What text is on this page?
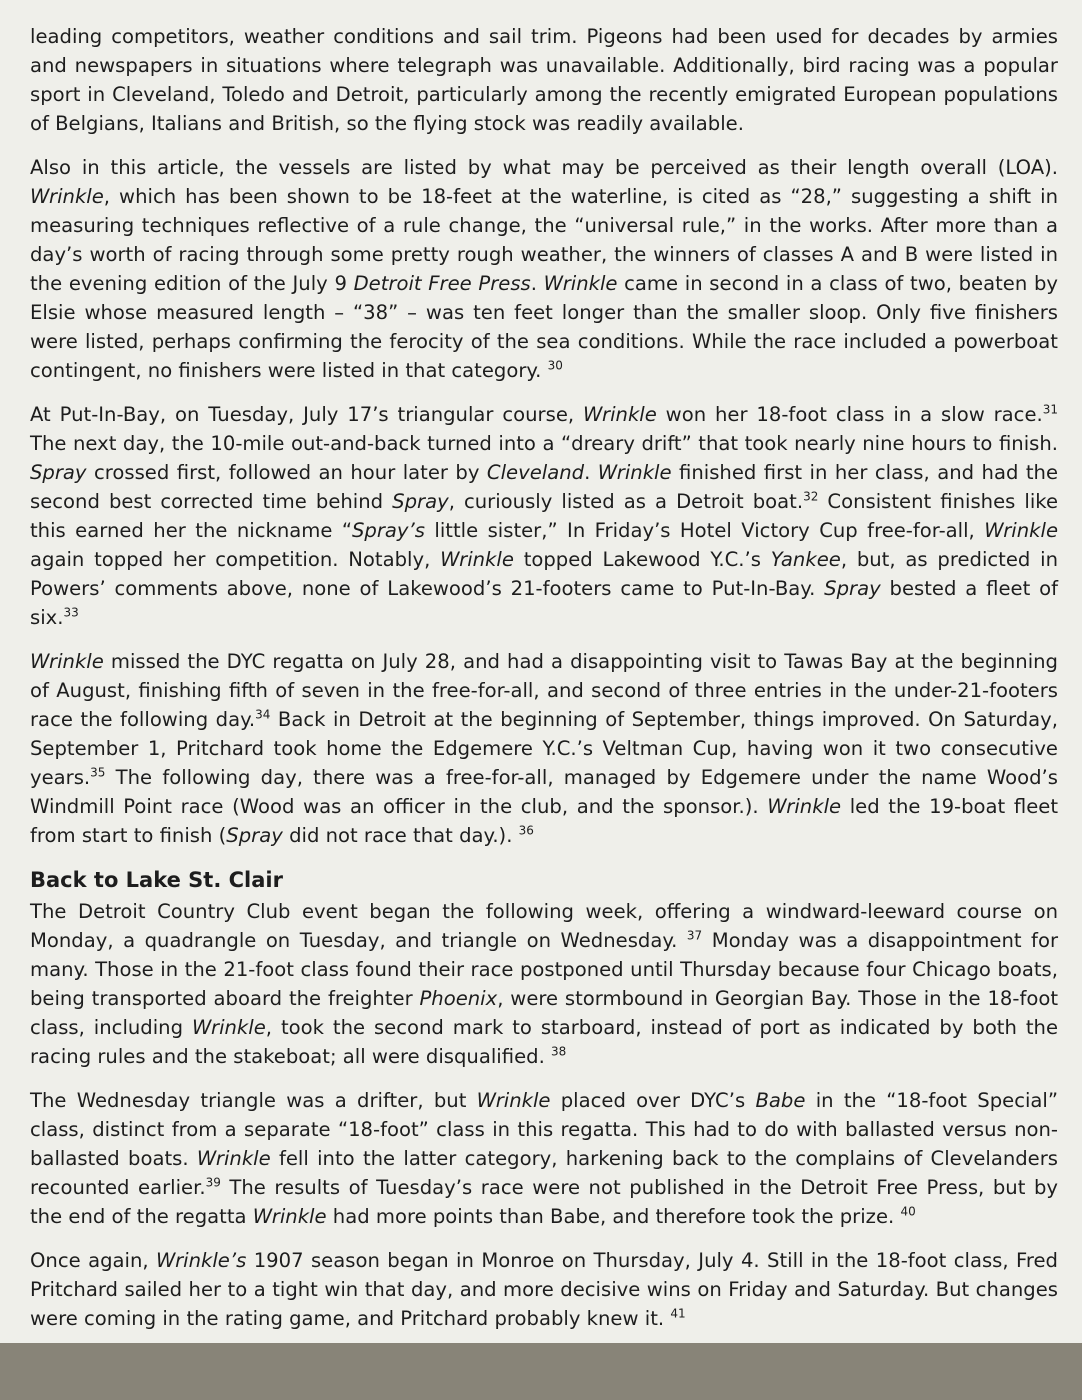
leading competitors, weather conditions and sail trim. Pigeons had been used for decades by armies and newspapers in situations where telegraph was unavailable. Additionally, bird racing was a popular sport in Cleveland, Toledo and Detroit, particularly among the recently emigrated European populations of Belgians, Italians and British, so the flying stock was readily available.

Also in this article, the vessels are listed by what may be perceived as their length overall (LOA). Wrinkle, which has been shown to be 18-feet at the waterline, is cited as “28,” suggesting a shift in measuring techniques reflective of a rule change, the “universal rule,” in the works. After more than a day’s worth of racing through some pretty rough weather, the winners of classes A and B were listed in the evening edition of the July 9 Detroit Free Press. Wrinkle came in second in a class of two, beaten by Elsie whose measured length – “38” – was ten feet longer than the smaller sloop. Only five finishers were listed, perhaps confirming the ferocity of the sea conditions. While the race included a powerboat contingent, no finishers were listed in that category. $^{30}$

At Put-In-Bay, on Tuesday, July 17’s triangular course, Wrinkle won her 18-foot class in a slow race.$^{31}$ The next day, the 10-mile out-and-back turned into a “dreary drift” that took nearly nine hours to finish. Spray crossed first, followed an hour later by Cleveland. Wrinkle finished first in her class, and had the second best corrected time behind Spray, curiously listed as a Detroit boat.$^{32}$ Consistent finishes like this earned her the nickname “Spray’s little sister,” In Friday’s Hotel Victory Cup free-for-all, Wrinkle again topped her competition. Notably, Wrinkle topped Lakewood Y.C.’s Yankee, but, as predicted in Powers’ comments above, none of Lakewood’s 21-footers came to Put-In-Bay. Spray bested a fleet of six.$^{33}$

Wrinkle missed the DYC regatta on July 28, and had a disappointing visit to Tawas Bay at the beginning of August, finishing fifth of seven in the free-for-all, and second of three entries in the under-21-footers race the following day.$^{34}$ Back in Detroit at the beginning of September, things improved. On Saturday, September 1, Pritchard took home the Edgemere Y.C.’s Veltman Cup, having won it two consecutive years.$^{35}$ The following day, there was a free-for-all, managed by Edgemere under the name Wood’s Windmill Point race (Wood was an officer in the club, and the sponsor.). Wrinkle led the 19-boat fleet from start to finish (Spray did not race that day.). $^{36}$

Back to Lake St. Clair

The Detroit Country Club event began the following week, offering a windward-leeward course on Monday, a quadrangle on Tuesday, and triangle on Wednesday. $^{37}$ Monday was a disappointment for many. Those in the 21-foot class found their race postponed until Thursday because four Chicago boats, being transported aboard the freighter Phoenix, were stormbound in Georgian Bay. Those in the 18-foot class, including Wrinkle, took the second mark to starboard, instead of port as indicated by both the racing rules and the stakeboat; all were disqualified. $^{38}$

The Wednesday triangle was a drifter, but Wrinkle placed over DYC’s Babe in the “18-foot Special” class, distinct from a separate “18-foot” class in this regatta. This had to do with ballasted versus non-ballasted boats. Wrinkle fell into the latter category, harkening back to the complains of Clevelanders recounted earlier.$^{39}$ The results of Tuesday’s race were not published in the Detroit Free Press, but by the end of the regatta Wrinkle had more points than Babe, and therefore took the prize. $^{40}$

Once again, Wrinkle’s 1907 season began in Monroe on Thursday, July 4. Still in the 18-foot class, Fred Pritchard sailed her to a tight win that day, and more decisive wins on Friday and Saturday. But changes were coming in the rating game, and Pritchard probably knew it. $^{41}$
